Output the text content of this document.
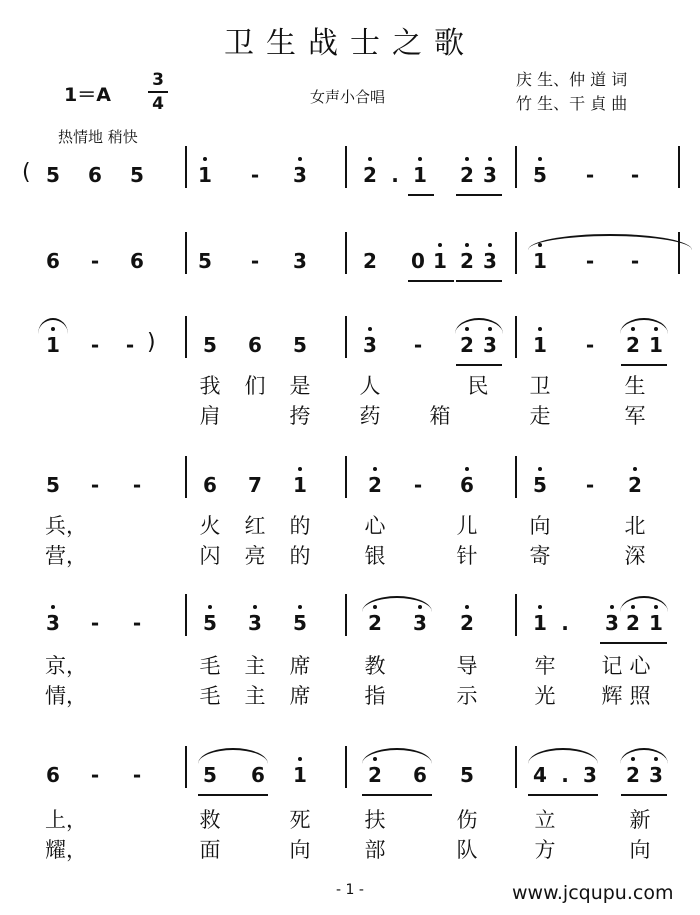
卫生战士之歌
1＝A
3
4	女声小合唱
庆 生、仲 道 词
竹 生、干 貞 曲
热情地 稍快
( 5	6	5	1	-	3	2 . 1	2 3	5	-	-
6	-	6	5	-	3	2	0 1 2 3	1	-	-
1	-	- )	5	6	5	3	-	2 3	1	-	2 1
我 们 是 人	民 卫	生
肩	挎 药 箱	走	军
5	-	-	6	7	1	2	-	6	5	-	2
兵，	火 红 的	心	儿 向	北
营，	闪 亮 的	银	针 寄	深
3	-	-	5	3	5	2	3	2	1 .	3 2 1
京，	毛 主 席	教	导	牢 记 心
情，	毛 主 席	指	示	光 辉 照
6	-	-	5	6	1	2	6	5	4 . 3	2 3
上，	救	死	扶	伤	立	新
耀，	面	向	部	队	方	向
- 1 -	www.jcqupu.com
